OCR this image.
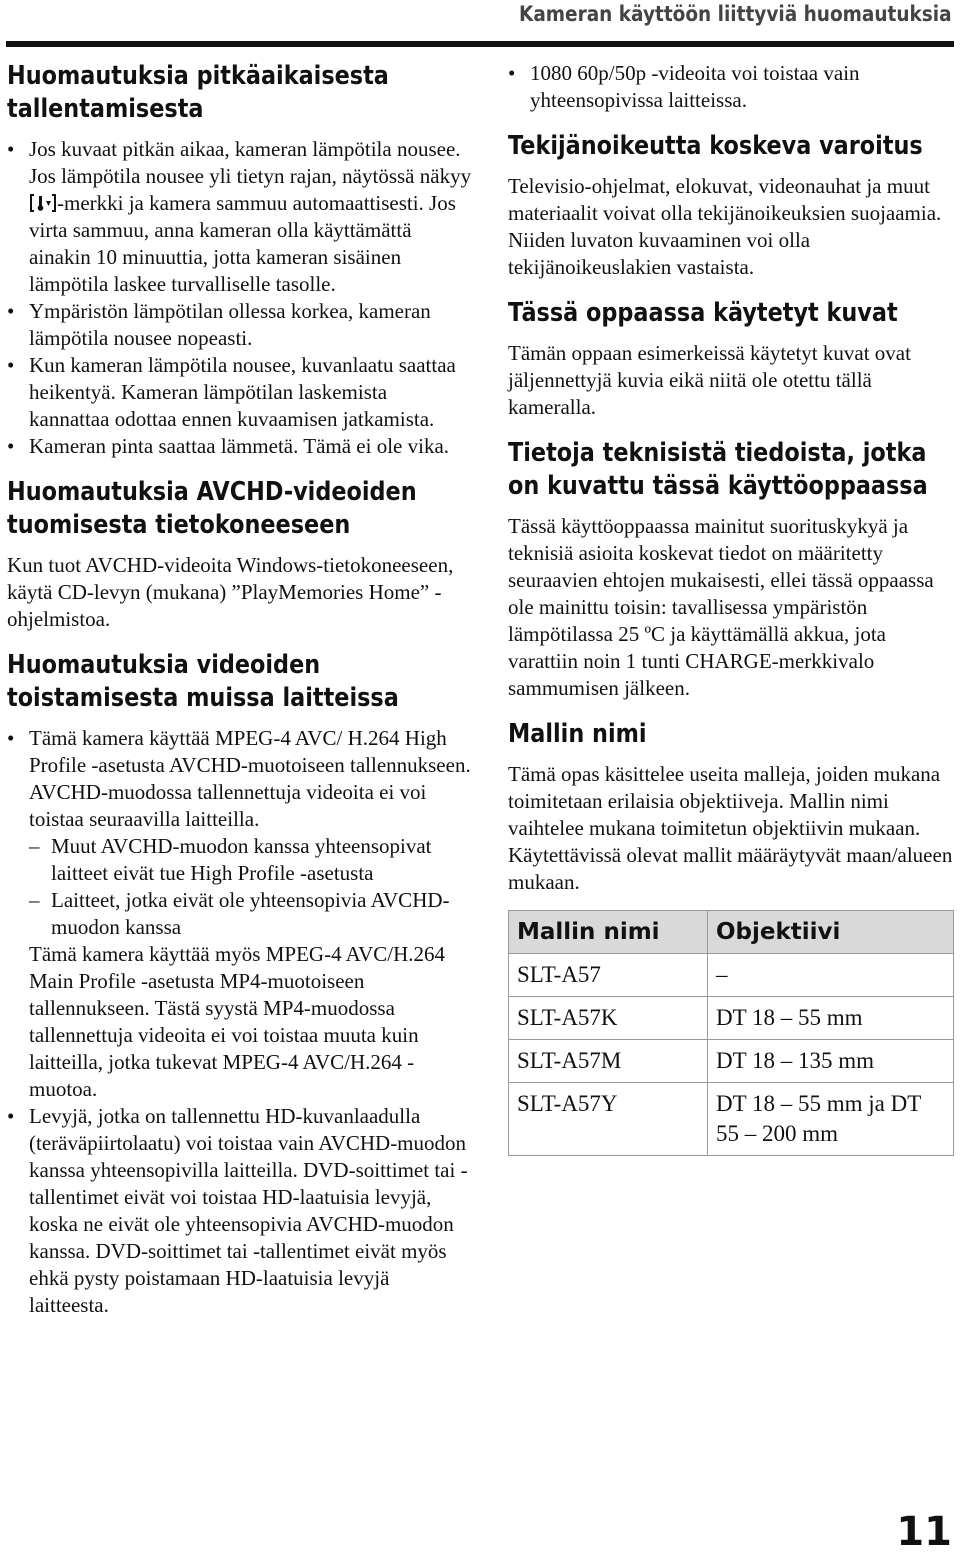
Kameran käyttöön liittyviä huomautuksia
Huomautuksia pitkäaikaisesta tallentamisesta
• Jos kuvaat pitkän aikaa, kameran lämpötila nousee. Jos lämpötila nousee yli tietyn rajan, näytössä näkyy -merkki ja kamera sammuu automaattisesti. Jos virta sammuu, anna kameran olla käyttämättä ainakin 10 minuuttia, jotta kameran sisäinen lämpötila laskee turvalliselle tasolle.
• Ympäristön lämpötilan ollessa korkea, kameran lämpötila nousee nopeasti.
• Kun kameran lämpötila nousee, kuvanlaatu saattaa heikentyä. Kameran lämpötilan laskemista kannattaa odottaa ennen kuvaamisen jatkamista.
• Kameran pinta saattaa lämmetä. Tämä ei ole vika.
Huomautuksia AVCHD-videoiden tuomisesta tietokoneeseen

Kun tuot AVCHD-videoita Windows-tietokoneeseen, käytä CD-levyn (mukana) ”PlayMemories Home” -ohjelmistoa.

Huomautuksia videoiden toistamisesta muissa laitteissa
• Tämä kamera käyttää MPEG-4 AVC/ H.264 High Profile -asetusta AVCHD-muotoiseen tallennukseen. AVCHD-muodossa tallennettuja videoita ei voi toistaa seuraavilla laitteilla.
– Muut AVCHD-muodon kanssa yhteensopivat laitteet eivät tue High Profile -asetusta
– Laitteet, jotka eivät ole yhteensopivia AVCHD-muodon kanssa
Tämä kamera käyttää myös MPEG-4 AVC/H.264 Main Profile -asetusta MP4-muotoiseen tallennukseen. Tästä syystä MP4-muodossa tallennettuja videoita ei voi toistaa muuta kuin laitteilla, jotka tukevat MPEG-4 AVC/H.264 -muotoa.
• Levyjä, jotka on tallennettu HD-kuvanlaadulla (teräväpiirtolaatu) voi toistaa vain AVCHD-muodon kanssa yhteensopivilla laitteilla. DVD-soittimet tai -tallentimet eivät voi toistaa HD-laatuisia levyjä, koska ne eivät ole yhteensopivia AVCHD-muodon kanssa. DVD-soittimet tai -tallentimet eivät myös ehkä pysty poistamaan HD-laatuisia levyjä laitteesta.
• 1080 60p/50p -videoita voi toistaa vain yhteensopivissa laitteissa.
Tekijänoikeutta koskeva varoitus

Televisio-ohjelmat, elokuvat, videonauhat ja muut materiaalit voivat olla tekijänoikeuksien suojaamia. Niiden luvaton kuvaaminen voi olla tekijänoikeuslakien vastaista.

Tässä oppaassa käytetyt kuvat

Tämän oppaan esimerkeissä käytetyt kuvat ovat jäljennettyjä kuvia eikä niitä ole otettu tällä kameralla.

Tietoja teknisistä tiedoista, jotka on kuvattu tässä käyttöoppaassa

Tässä käyttöoppaassa mainitut suorituskykyä ja teknisiä asioita koskevat tiedot on määritetty seuraavien ehtojen mukaisesti, ellei tässä oppaassa ole mainittu toisin: tavallisessa ympäristön lämpötilassa 25 ºC ja käyttämällä akkua, jota varattiin noin 1 tunti CHARGE-merkkivalo sammumisen jälkeen.

Mallin nimi

Tämä opas käsittelee useita malleja, joiden mukana toimitetaan erilaisia objektiiveja. Mallin nimi vaihtelee mukana toimitetun objektiivin mukaan. Käytettävissä olevat mallit määräytyvät maan/alueen mukaan.

Mallin nimi	Objektiivi
SLT-A57	–
SLT-A57K	DT 18 – 55 mm
SLT-A57M	DT 18 – 135 mm
SLT-A57Y	DT 18 – 55 mm ja DT 55 – 200 mm
11
